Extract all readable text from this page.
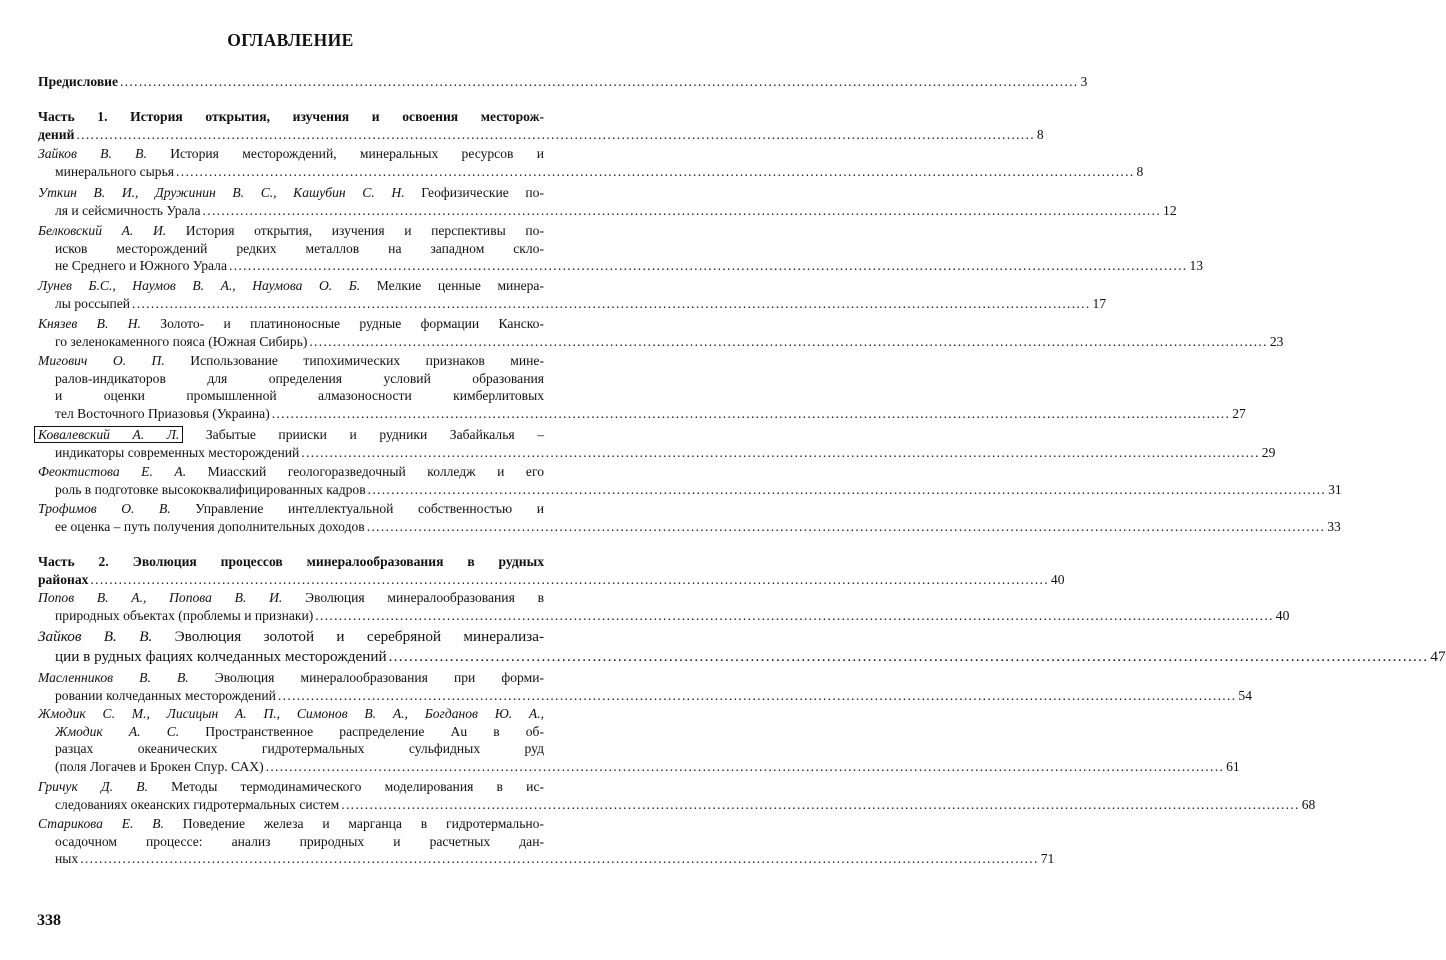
ОГЛАВЛЕНИЕ
Предисловие ............................................................................................................................................................................................................ 3
Часть 1. История открытия, изучения и освоения месторож-
дений ............................................................................................................................................................................................................ 8
Зайков В. В. История месторождений, минеральных ресурсов и
минерального сырья ............................................................................................................................................................................................................ 8
Уткин В. И., Дружинин В. С., Кашубин С. Н. Геофизические по-
ля и сейсмичность Урала ............................................................................................................................................................................................................ 12
Белковский А. И. История открытия, изучения и перспективы по-
исков месторождений редких металлов на западном скло-
не Среднего и Южного Урала ............................................................................................................................................................................................................ 13
Лунев Б.С., Наумов В. А., Наумова О. Б. Мелкие ценные минера-
лы россыпей ............................................................................................................................................................................................................ 17
Князев В. Н. Золото- и платиноносные рудные формации Канско-
го зеленокаменного пояса (Южная Сибирь) ............................................................................................................................................................................................................ 23
Мигович О. П. Использование типохимических признаков мине-
ралов-индикаторов для определения условий образования
и оценки промышленной алмазоносности кимберлитовых
тел Восточного Приазовья (Украина) ............................................................................................................................................................................................................ 27
Ковалевский А. Л. Забытые прииски и рудники Забайкалья –
индикаторы современных месторождений ............................................................................................................................................................................................................ 29
Феоктистова Е. А. Миасский геологоразведочный колледж и его
роль в подготовке высококвалифицированных кадров ............................................................................................................................................................................................................ 31
Трофимов О. В. Управление интеллектуальной собственностью и
ее оценка – путь получения дополнительных доходов ............................................................................................................................................................................................................ 33
Часть 2. Эволюция процессов минералообразования в рудных
районах ............................................................................................................................................................................................................ 40
Попов В. А., Попова В. И. Эволюция минералообразования в
природных объектах (проблемы и признаки) ............................................................................................................................................................................................................ 40
Зайков В. В. Эволюция золотой и серебряной минерализа-
ции в рудных фациях колчеданных месторождений ............................................................................................................................................................................................................ 47
Масленников В. В. Эволюция минералообразования при форми-
ровании колчеданных месторождений ............................................................................................................................................................................................................ 54
Жмодик С. М., Лисицын А. П., Симонов В. А., Богданов Ю. А.,
Жмодик А. С. Пространственное распределение Au в об-
разцах океанических гидротермальных сульфидных руд
(поля Логачев и Брокен Спур. САХ) ............................................................................................................................................................................................................ 61
Гричук Д. В. Методы термодинамического моделирования в ис-
следованиях океанских гидротермальных систем ............................................................................................................................................................................................................ 68
Старикова Е. В. Поведение железа и марганца в гидротермально-
осадочном процессе: анализ природных и расчетных дан-
ных ............................................................................................................................................................................................................ 71
338
